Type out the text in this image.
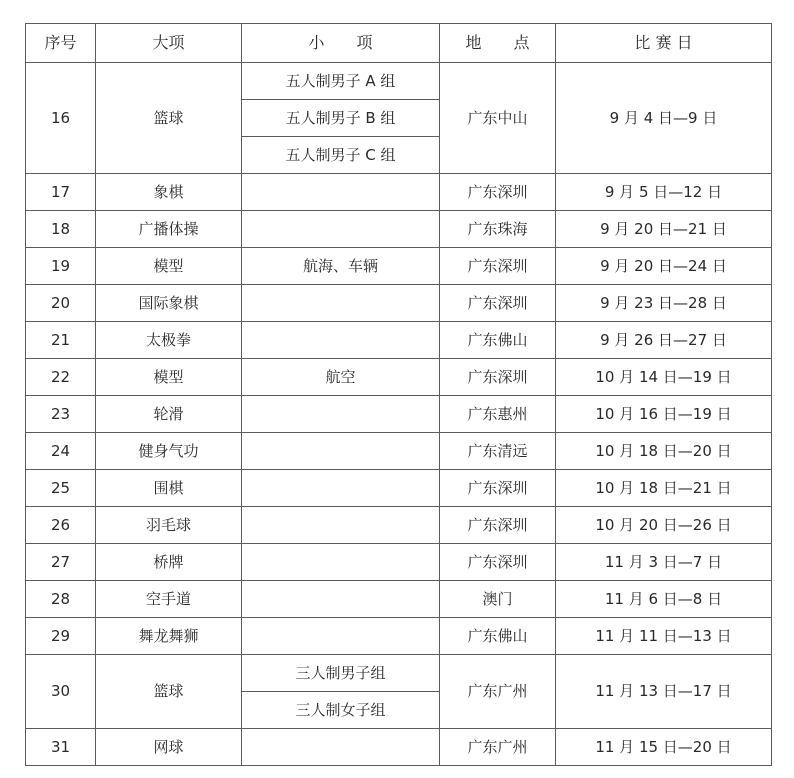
序号	大项	小　　项	地　　点	比 赛 日
16	篮球	五人制男子 A 组	广东中山	9 月 4 日—9 日
		五人制男子 B 组		
		五人制男子 C 组		
17	象棋		广东深圳	9 月 5 日—12 日
18	广播体操		广东珠海	9 月 20 日—21 日
19	模型	航海、车辆	广东深圳	9 月 20 日—24 日
20	国际象棋		广东深圳	9 月 23 日—28 日
21	太极拳		广东佛山	9 月 26 日—27 日
22	模型	航空	广东深圳	10 月 14 日—19 日
23	轮滑		广东惠州	10 月 16 日—19 日
24	健身气功		广东清远	10 月 18 日—20 日
25	围棋		广东深圳	10 月 18 日—21 日
26	羽毛球		广东深圳	10 月 20 日—26 日
27	桥牌		广东深圳	11 月 3 日—7 日
28	空手道		澳门	11 月 6 日—8 日
29	舞龙舞狮		广东佛山	11 月 11 日—13 日
30	篮球	三人制男子组	广东广州	11 月 13 日—17 日
		三人制女子组		
31	网球		广东广州	11 月 15 日—20 日
